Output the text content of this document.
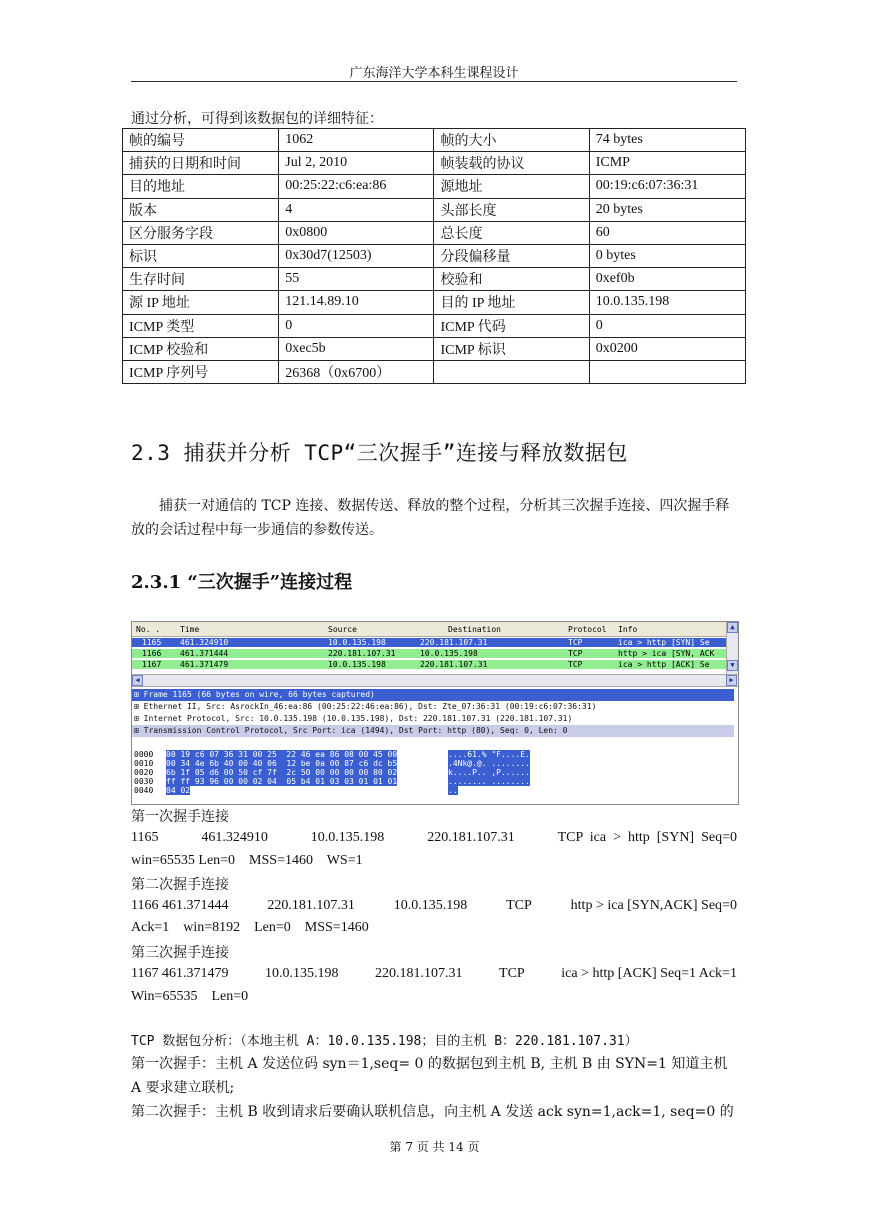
广东海洋大学本科生课程设计
通过分析，可得到该数据包的详细特征：
帧的编号	1062	帧的大小	74 bytes
捕获的日期和时间	Jul 2, 2010	帧装载的协议	ICMP
目的地址	00:25:22:c6:ea:86	源地址	00:19:c6:07:36:31
版本	4	头部长度	20 bytes
区分服务字段	0x0800	总长度	60
标识	0x30d7(12503)	分段偏移量	0 bytes
生存时间	55	校验和	0xef0b
源 IP 地址	121.14.89.10	目的 IP 地址	10.0.135.198
ICMP 类型	0	ICMP 代码	0
ICMP 校验和	0xec5b	ICMP 标识	0x0200
ICMP 序列号	26368（0x6700）		
2.3 捕获并分析 TCP“三次握手”连接与释放数据包
捕获一对通信的 TCP 连接、数据传送、释放的整个过程，分析其三次握手连接、四次握手释放的会话过程中每一步通信的参数传送。
2.3.1 “三次握手”连接过程
No. . Time	Source	Destination	Protocol Info
1165 461.324910	10.0.135.198	220.181.107.31	TCP	ica > http [SYN] Se
1166 461.371444	220.181.107.31	10.0.135.198	TCP	http > ica [SYN, ACK
1167 461.371479	10.0.135.198	220.181.107.31	TCP	ica > http [ACK] Se
▲
▼
◀	▶
⊞ Frame 1165 (66 bytes on wire, 66 bytes captured)
⊞ Ethernet II, Src: AsrockIn_46:ea:86 (00:25:22:46:ea:86), Dst: Zte_07:36:31 (00:19:c6:07:36:31)
⊞ Internet Protocol, Src: 10.0.135.198 (10.0.135.198), Dst: 220.181.107.31 (220.181.107.31)
⊞ Transmission Control Protocol, Src Port: ica (1494), Dst Port: http (80), Seq: 0, Len: 0
0000 00 19 c6 07 36 31 00 25  22 46 ea 86 08 00 45 00	....61.% "F....E.
0010 00 34 4e 6b 40 00 40 06  12 be 0a 00 87 c6 dc b5	.4Nk@.@. ........
0020 6b 1f 05 d6 00 50 cf 7f  2c 50 00 00 00 00 80 02	k....P.. ,P......
0030 ff ff 93 96 00 00 02 04  05 b4 01 03 03 01 01 01	........ ........
0040 04 02	..
第一次握手连接
1165	461.324910	10.0.135.198	220.181.107.31	TCP  ica  >  http  [SYN]  Seq=0
win=65535 Len=0    MSS=1460    WS=1
第二次握手连接
1166 461.371444	220.181.107.31	10.0.135.198	TCP	http > ica [SYN,ACK] Seq=0
Ack=1    win=8192    Len=0    MSS=1460
第三次握手连接
1167 461.371479	10.0.135.198	220.181.107.31	TCP	ica > http [ACK] Seq=1 Ack=1
Win=65535    Len=0
TCP 数据包分析：（本地主机 A：10.0.135.198；目的主机 B：220.181.107.31）
第一次握手：主机 A 发送位码 syn＝1,seq= 0 的数据包到主机 B, 主机 B 由 SYN=1 知道主机 A 要求建立联机;
第二次握手：主机 B 收到请求后要确认联机信息，向主机 A 发送 ack syn=1,ack=1, seq=0 的
第 7 页 共 14 页
